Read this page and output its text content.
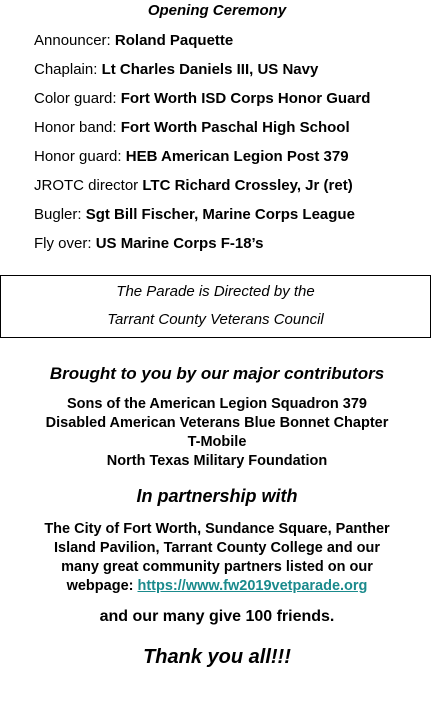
Opening Ceremony
Announcer: Roland Paquette
Chaplain: Lt Charles Daniels III, US Navy
Color guard: Fort Worth ISD Corps Honor Guard
Honor band: Fort Worth Paschal High School
Honor guard: HEB American Legion Post 379
JROTC director LTC Richard Crossley, Jr (ret)
Bugler: Sgt Bill Fischer, Marine Corps League
Fly over: US Marine Corps F-18’s
The Parade is Directed by the
Tarrant County Veterans Council
Brought to you by our major contributors
Sons of the American Legion Squadron 379
Disabled American Veterans Blue Bonnet Chapter
T-Mobile
North Texas Military Foundation
In partnership with
The City of Fort Worth, Sundance Square, Panther
Island Pavilion, Tarrant County College and our
many great community partners listed on our
webpage: https://www.fw2019vetparade.org
and our many give 100 friends.
Thank you all!!!
